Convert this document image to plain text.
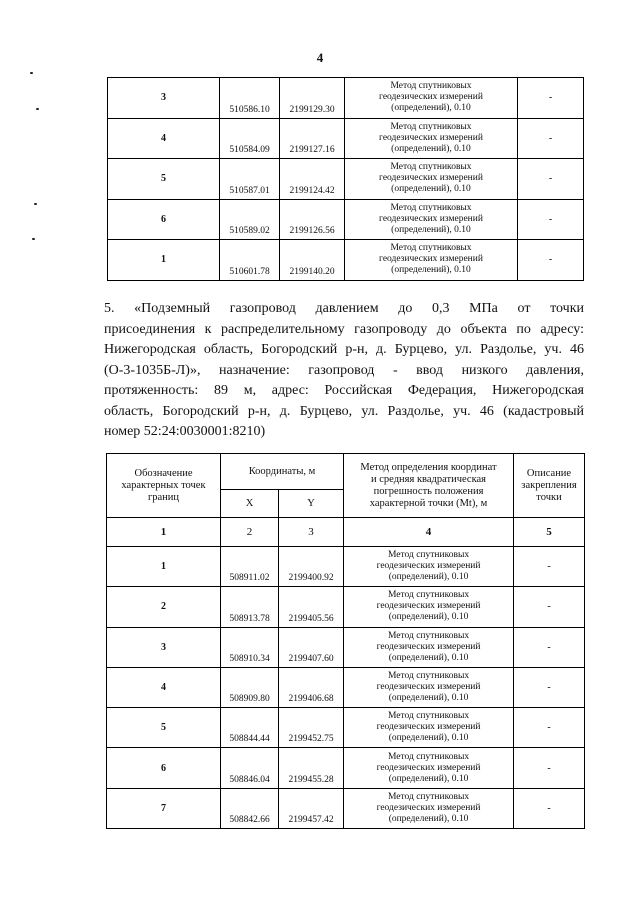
4
3	510586.10	2199129.30	Метод спутниковых
геодезических измерений
(определений), 0.10	-
4	510584.09	2199127.16	Метод спутниковых
геодезических измерений
(определений), 0.10	-
5	510587.01	2199124.42	Метод спутниковых
геодезических измерений
(определений), 0.10	-
6	510589.02	2199126.56	Метод спутниковых
геодезических измерений
(определений), 0.10	-
1	510601.78	2199140.20	Метод спутниковых
геодезических измерений
(определений), 0.10	-
5. «Подземный газопровод давлением до 0,3 МПа от точки
присоединения к распределительному газопроводу до объекта по адресу:
Нижегородская область, Богородский р-н, д. Бурцево, ул. Раздолье, уч. 46
(О-3-1035Б-Л)», назначение: газопровод - ввод низкого давления,
протяженность: 89 м, адрес: Российская Федерация, Нижегородская
область, Богородский р-н, д. Бурцево, ул. Раздолье, уч. 46 (кадастровый
номер 52:24:0030001:8210)
Обозначение
характерных точек
границ	Координаты, м		Метод определения координат
и средняя квадратическая
погрешность положения
характерной точки (Mt), м	Описание
закрепления
точки
	X	Y		
1	2	3	4	5
1	508911.02	2199400.92	Метод спутниковых
геодезических измерений
(определений), 0.10	-
2	508913.78	2199405.56	Метод спутниковых
геодезических измерений
(определений), 0.10	-
3	508910.34	2199407.60	Метод спутниковых
геодезических измерений
(определений), 0.10	-
4	508909.80	2199406.68	Метод спутниковых
геодезических измерений
(определений), 0.10	-
5	508844.44	2199452.75	Метод спутниковых
геодезических измерений
(определений), 0.10	-
6	508846.04	2199455.28	Метод спутниковых
геодезических измерений
(определений), 0.10	-
7	508842.66	2199457.42	Метод спутниковых
геодезических измерений
(определений), 0.10	-
